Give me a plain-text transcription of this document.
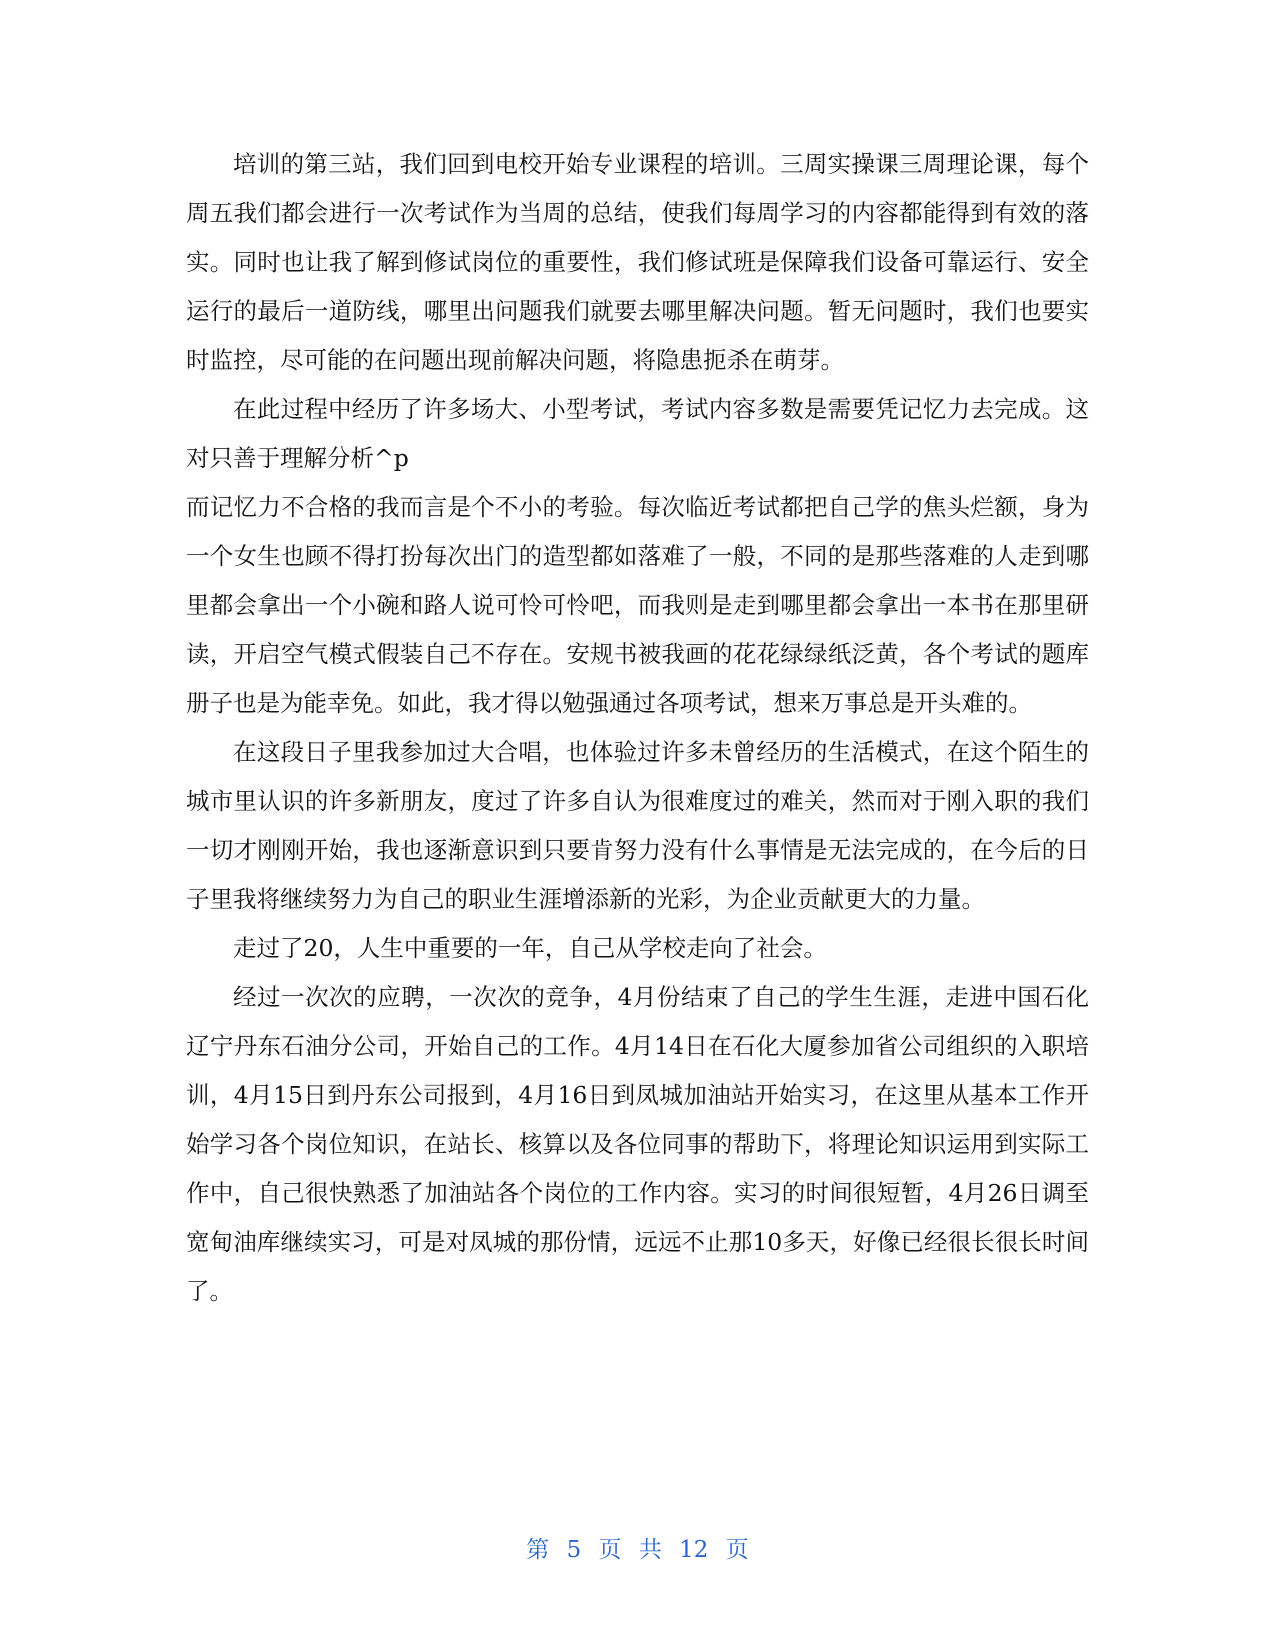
培训的第三站，我们回到电校开始专业课程的培训。三周实操课三周理论课，每个周五我们都会进行一次考试作为当周的总结，使我们每周学习的内容都能得到有效的落实。同时也让我了解到修试岗位的重要性，我们修试班是保障我们设备可靠运行、安全运行的最后一道防线，哪里出问题我们就要去哪里解决问题。暂无问题时，我们也要实时监控，尽可能的在问题出现前解决问题，将隐患扼杀在萌芽。

在此过程中经历了许多场大、小型考试，考试内容多数是需要凭记忆力去完成。这对只善于理解分析^p

而记忆力不合格的我而言是个不小的考验。每次临近考试都把自己学的焦头烂额，身为一个女生也顾不得打扮每次出门的造型都如落难了一般，不同的是那些落难的人走到哪里都会拿出一个小碗和路人说可怜可怜吧，而我则是走到哪里都会拿出一本书在那里研读，开启空气模式假装自己不存在。安规书被我画的花花绿绿纸泛黄，各个考试的题库册子也是为能幸免。如此，我才得以勉强通过各项考试，想来万事总是开头难的。

在这段日子里我参加过大合唱，也体验过许多未曾经历的生活模式，在这个陌生的城市里认识的许多新朋友，度过了许多自认为很难度过的难关，然而对于刚入职的我们一切才刚刚开始，我也逐渐意识到只要肯努力没有什么事情是无法完成的，在今后的日子里我将继续努力为自己的职业生涯增添新的光彩，为企业贡献更大的力量。

走过了20，人生中重要的一年，自己从学校走向了社会。

经过一次次的应聘，一次次的竞争，4月份结束了自己的学生生涯，走进中国石化辽宁丹东石油分公司，开始自己的工作。4月14日在石化大厦参加省公司组织的入职培训，4月15日到丹东公司报到，4月16日到凤城加油站开始实习，在这里从基本工作开始学习各个岗位知识，在站长、核算以及各位同事的帮助下，将理论知识运用到实际工作中，自己很快熟悉了加油站各个岗位的工作内容。实习的时间很短暂，4月26日调至宽甸油库继续实习，可是对凤城的那份情，远远不止那10多天，好像已经很长很长时间了。

第 5 页 共 12 页
